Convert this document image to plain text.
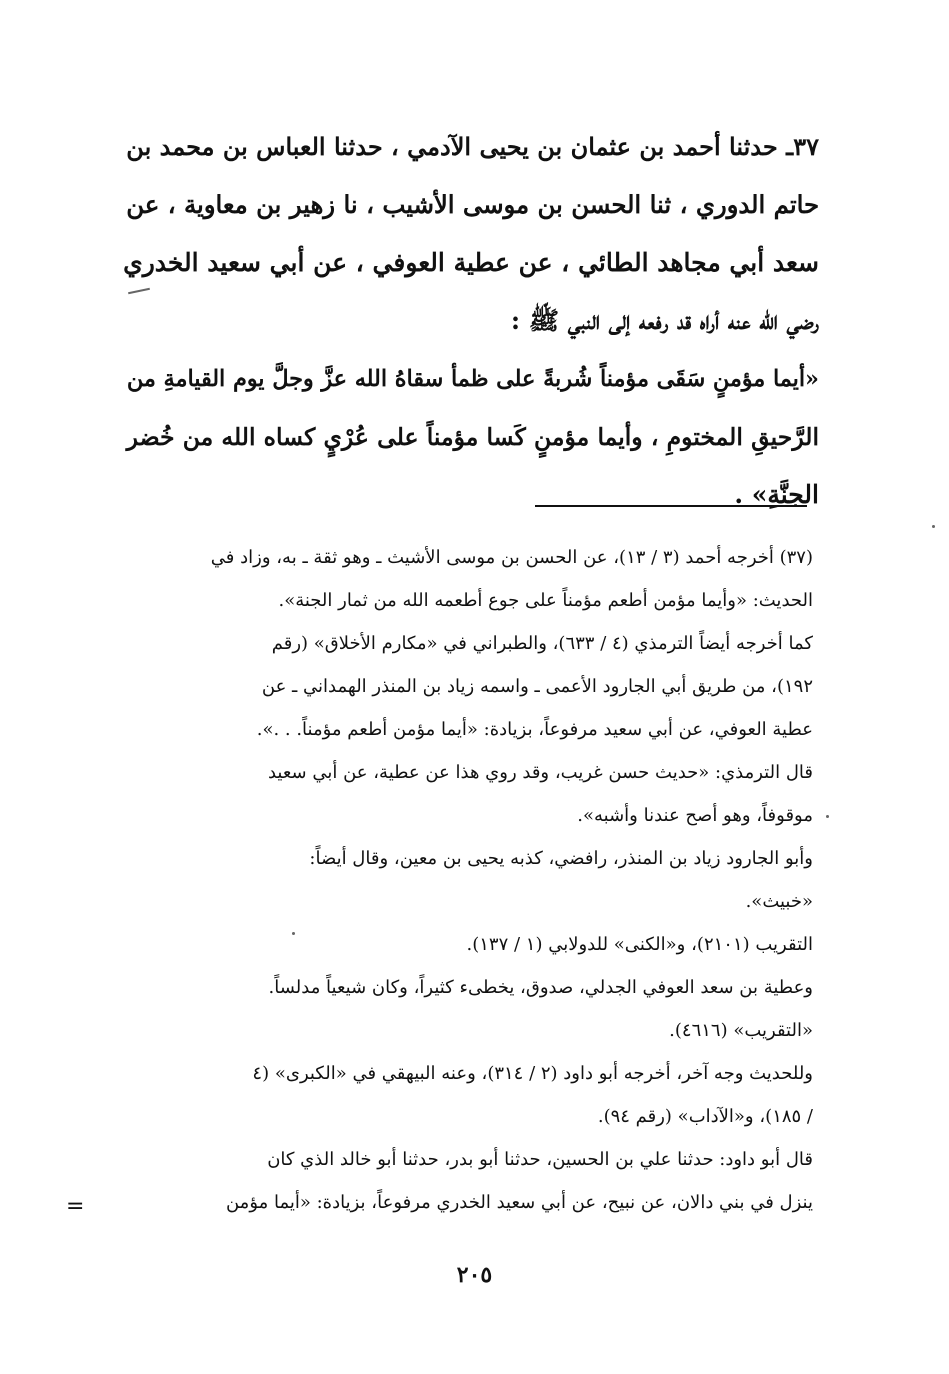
٣٧ـ حدثنا أحمد بن عثمان بن يحيى الآدمي ، حدثنا العباس بن محمد بن
حاتم الدوري ، ثنا الحسن بن موسى الأشيب ، نا زهير بن معاوية ، عن
سعد أبي مجاهد الطائي ، عن عطية العوفي ، عن أبي سعيد الخدري
رضي الله عنه أراه قد رفعه إلى النبي ﷺ :
«أيما مؤمنٍ سَقَى مؤمناً شُربةً على ظمأ سقاهُ الله عزَّ وجلَّ يوم القيامةِ من
الرَّحيقِ المختومِ ، وأيما مؤمنٍ كَسا مؤمناً على عُرْيٍ كساه الله من خُضر
الجنَّةِ» .
(٣٧) أخرجه أحمد (٣ / ١٣)، عن الحسن بن موسى الأشيث ـ وهو ثقة ـ به، وزاد في
الحديث: «وأيما مؤمن أطعم مؤمناً على جوع أطعمه الله من ثمار الجنة».
كما أخرجه أيضاً الترمذي (٤ / ٦٣٣)، والطبراني في «مكارم الأخلاق» (رقم
١٩٢)، من طريق أبي الجارود الأعمى ـ واسمه زياد بن المنذر الهمداني ـ عن
عطية العوفي، عن أبي سعيد مرفوعاً، بزيادة: «أيما مؤمن أطعم مؤمناً. . .».
قال الترمذي: «حديث حسن غريب، وقد روي هذا عن عطية، عن أبي سعيد
موقوفاً، وهو أصح عندنا وأشبه».
وأبو الجارود زياد بن المنذر، رافضي، كذبه يحيى بن معين، وقال أيضاً:
«خبيث».
التقريب (٢١٠١)، و«الكنى» للدولابي (١ / ١٣٧).
وعطية بن سعد العوفي الجدلي، صدوق، يخطىء كثيراً، وكان شيعياً مدلساً.
«التقريب» (٤٦١٦).
وللحديث وجه آخر، أخرجه أبو داود (٢ / ٣١٤)، وعنه البيهقي في «الكبرى» (٤
/ ١٨٥)، و«الآداب» (رقم ٩٤).
قال أبو داود: حدثنا علي بن الحسين، حدثنا أبو بدر، حدثنا أبو خالد الذي كان
ينزل في بني دالان، عن نبيح، عن أبي سعيد الخدري مرفوعاً، بزيادة: «أيما مؤمن
=
٢٠٥
